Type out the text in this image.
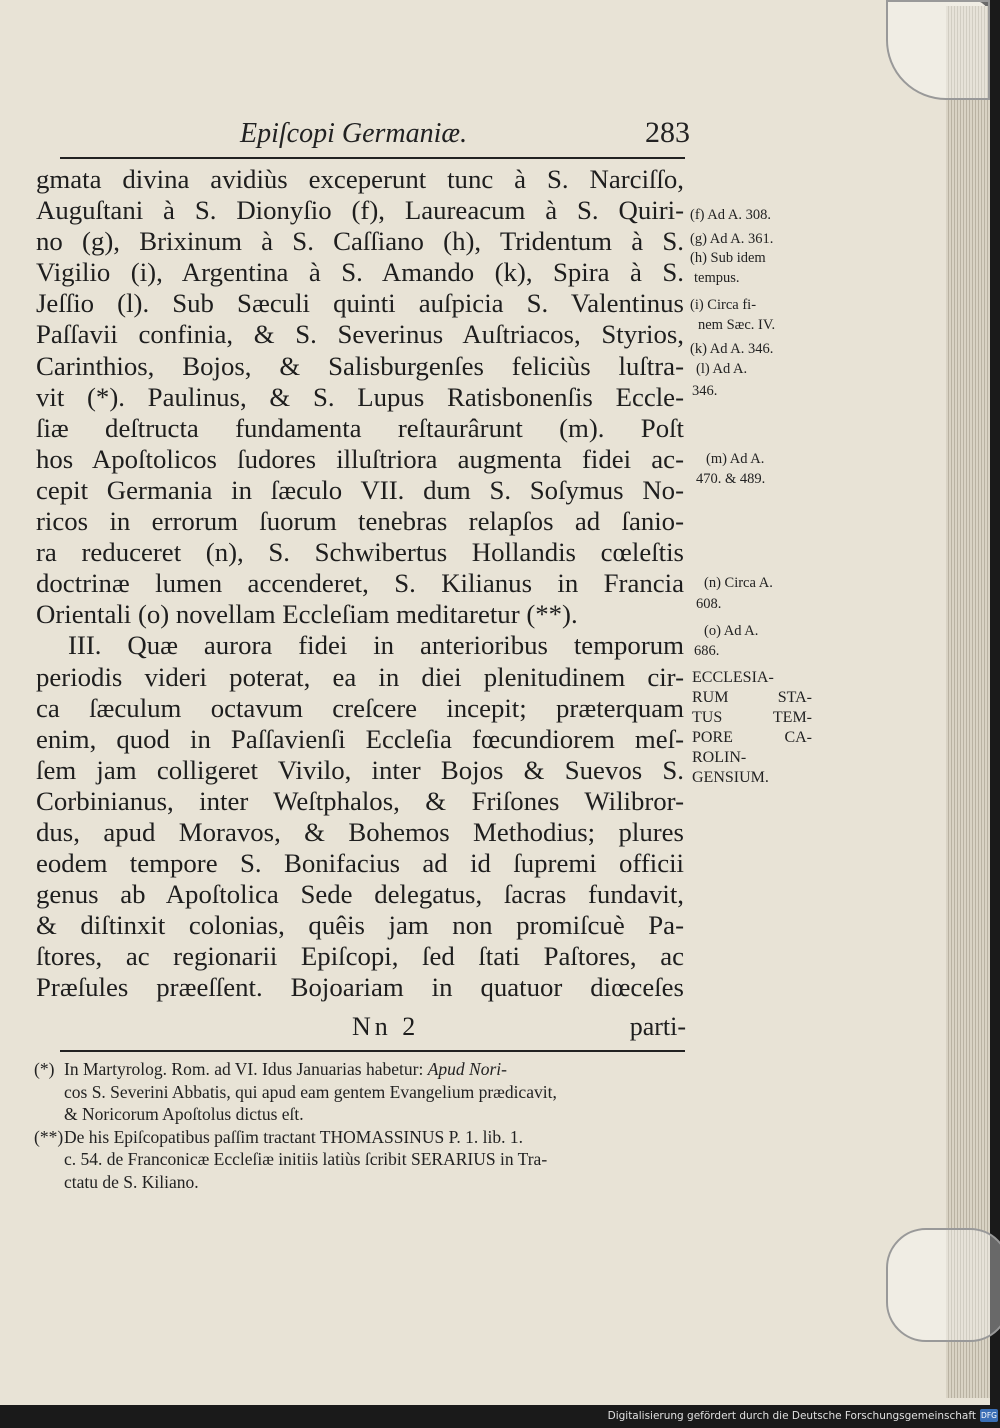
Epiſcopi Germaniæ.	283
gmata divina avidiùs exceperunt tunc à S. Narciſſo,
Auguſtani à S. Dionyſio (f), Laureacum à S. Quiri-
no (g), Brixinum à S. Caſſiano (h), Tridentum à S.
Vigilio (i), Argentina à S. Amando (k), Spira à S.
Jeſſio (l). Sub Sæculi quinti auſpicia S. Valentinus
Paſſavii confinia, & S. Severinus Auſtriacos, Styrios,
Carinthios, Bojos, & Salisburgenſes feliciùs luſtra-
vit (*). Paulinus, & S. Lupus Ratisbonenſis Eccle-
ſiæ deſtructa fundamenta reſtaurârunt (m). Poſt
hos Apoſtolicos ſudores illuſtriora augmenta fidei ac-
cepit Germania in ſæculo VII. dum S. Soſymus No-
ricos in errorum ſuorum tenebras relapſos ad ſanio-
ra reduceret (n), S. Schwibertus Hollandis cœleſtis
doctrinæ lumen accenderet, S. Kilianus in Francia
Orientali (o) novellam Eccleſiam meditaretur (**).
III. Quæ aurora fidei in anterioribus temporum
periodis videri poterat, ea in diei plenitudinem cir-
ca ſæculum octavum creſcere incepit; præterquam
enim, quod in Paſſavienſi Eccleſia fœcundiorem meſ-
ſem jam colligeret Vivilo, inter Bojos & Suevos S.
Corbinianus, inter Weſtphalos, & Friſones Wilibror-
dus, apud Moravos, & Bohemos Methodius; plures
eodem tempore S. Bonifacius ad id ſupremi officii
genus ab Apoſtolica Sede delegatus, ſacras fundavit,
& diſtinxit colonias, quêis jam non promiſcuè Pa-
ſtores, ac regionarii Epiſcopi, ſed ſtati Paſtores, ac
Præſules præeſſent. Bojoariam in quatuor diœceſes
Nn 2	parti-
(f) Ad A. 308.
(g) Ad A. 361.
(h) Sub idem
tempus.
(i) Circa fi-
nem Sæc. IV.
(k) Ad A. 346.
(l) Ad A.
346.
(m) Ad A.
470. & 489.
(n) Circa A.
608.
(o) Ad A.
686.
ECCLESIA-
RUM STA-
TUS TEM-
PORE CA-
ROLIN-
GENSIUM.
(*) In Martyrolog. Rom. ad VI. Idus Januarias habetur: Apud Nori-
cos S. Severini Abbatis, qui apud eam gentem Evangelium prædicavit,
& Noricorum Apoſtolus dictus eſt.
(**)De his Epiſcopatibus paſſim tractant THOMASSINUS P. 1. lib. 1.
c. 54. de Franconicæ Eccleſiæ initiis latiùs ſcribit SERARIUS in Tra-
ctatu de S. Kiliano.
Digitalisierung gefördert durch die Deutsche Forschungsgemeinschaft DFG
